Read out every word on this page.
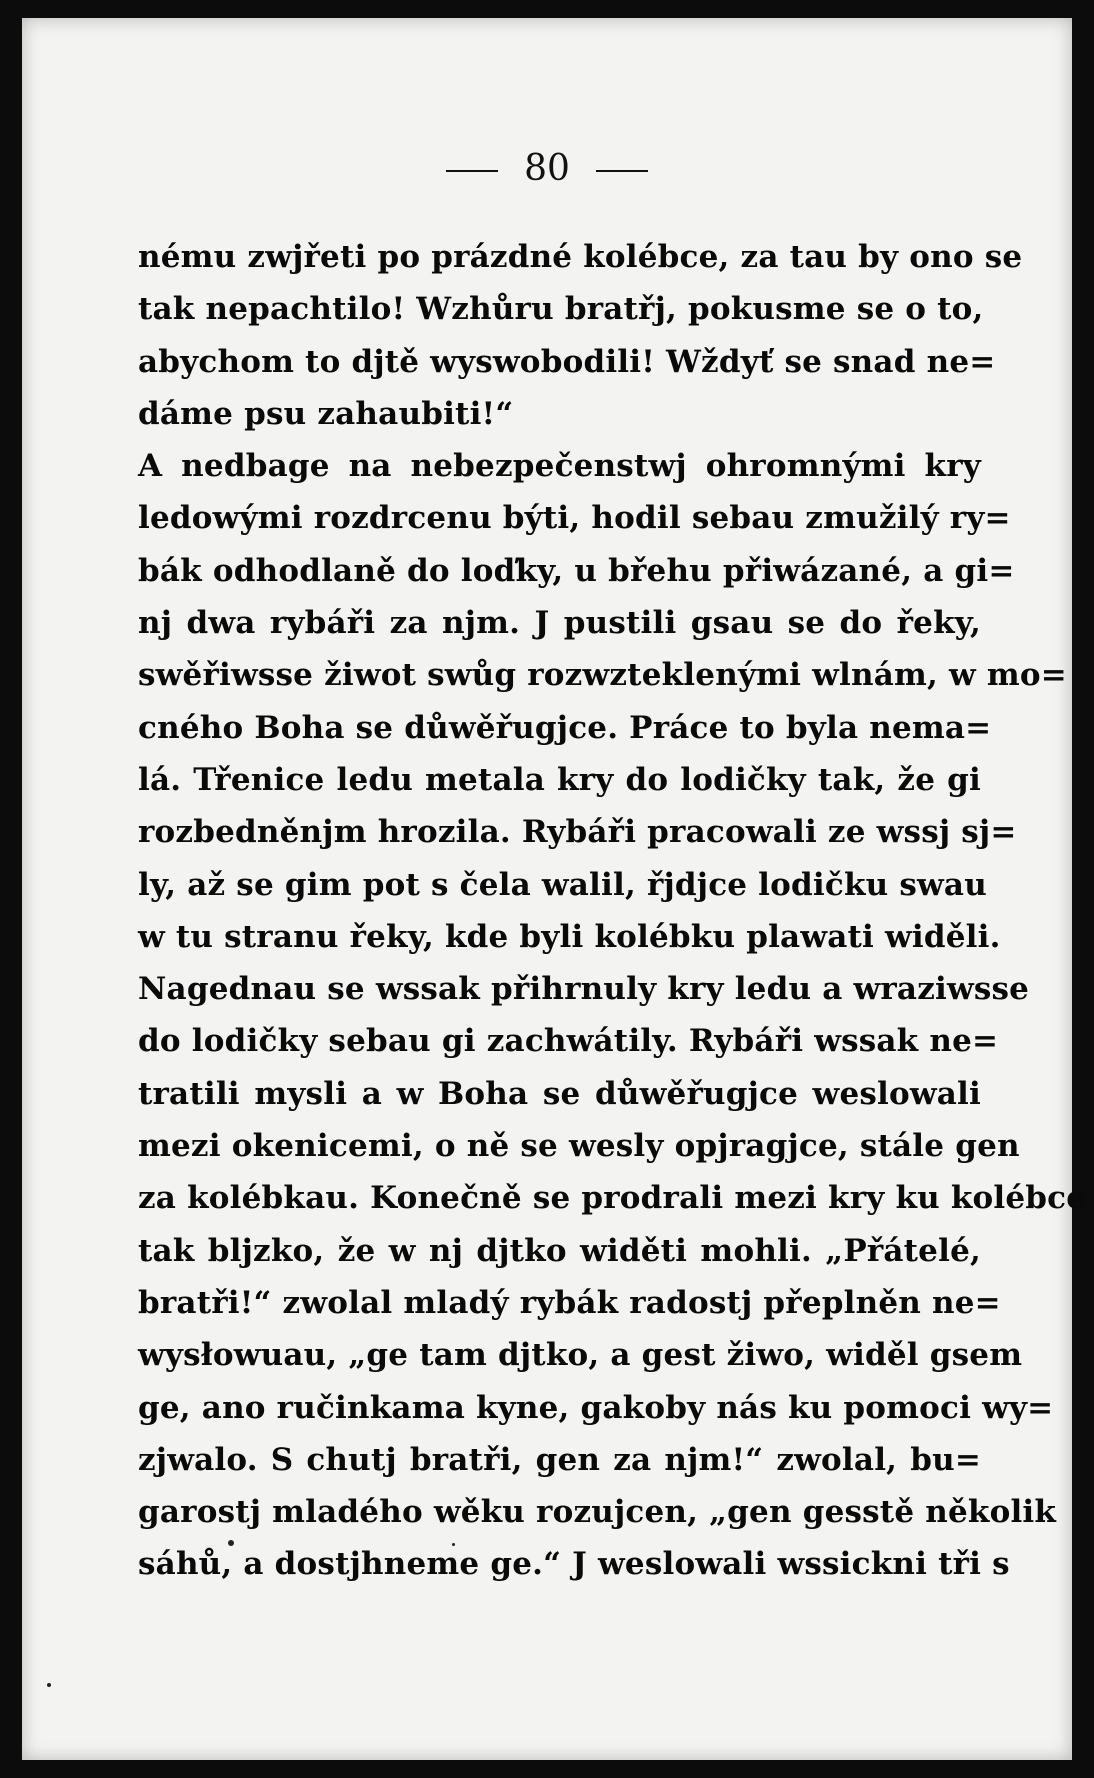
80
nému zwjřeti po prázdné kolébce, za tau by ono se
tak nepachtilo! Wzhůru bratřj, pokusme se o to,
abychom to djtě wyswobodili! Wždyť se snad ne=
dáme psu zahaubiti!“
A nedbage na nebezpečenstwj ohromnými kry
ledowými rozdrcenu býti, hodil sebau zmužilý ry=
bák odhodlaně do loďky, u břehu přiwázané, a gi=
nj dwa rybáři za njm. J pustili gsau se do řeky,
swěřiwsse žiwot swůg rozwzteklenými wlnám, w mo=
cného Boha se důwěřugjce. Práce to byla nema=
lá. Třenice ledu metala kry do lodičky tak, že gi
rozbedněnjm hrozila. Rybáři pracowali ze wssj sj=
ly, až se gim pot s čela walil, řjdjce lodičku swau
w tu stranu řeky, kde byli kolébku plawati widěli.
Nagednau se wssak přihrnuly kry ledu a wraziwsse
do lodičky sebau gi zachwátily. Rybáři wssak ne=
tratili mysli a w Boha se důwěřugjce weslowali
mezi okenicemi, o ně se wesly opjragjce, stále gen
za kolébkau. Konečně se prodrali mezi kry ku kolébce
tak bljzko, že w nj djtko widěti mohli. „Přátelé,
bratři!“ zwolal mladý rybák radostj přeplněn ne=
wysłowuau, „ge tam djtko, a gest žiwo, widěl gsem
ge, ano ručinkama kyne, gakoby nás ku pomoci wy=
zjwalo. S chutj bratři, gen za njm!“ zwolal, bu=
garostj mladého wěku rozujcen, „gen gesstě několik
sáhů, a dostjhneme ge.“ J weslowali wssickni tři s
